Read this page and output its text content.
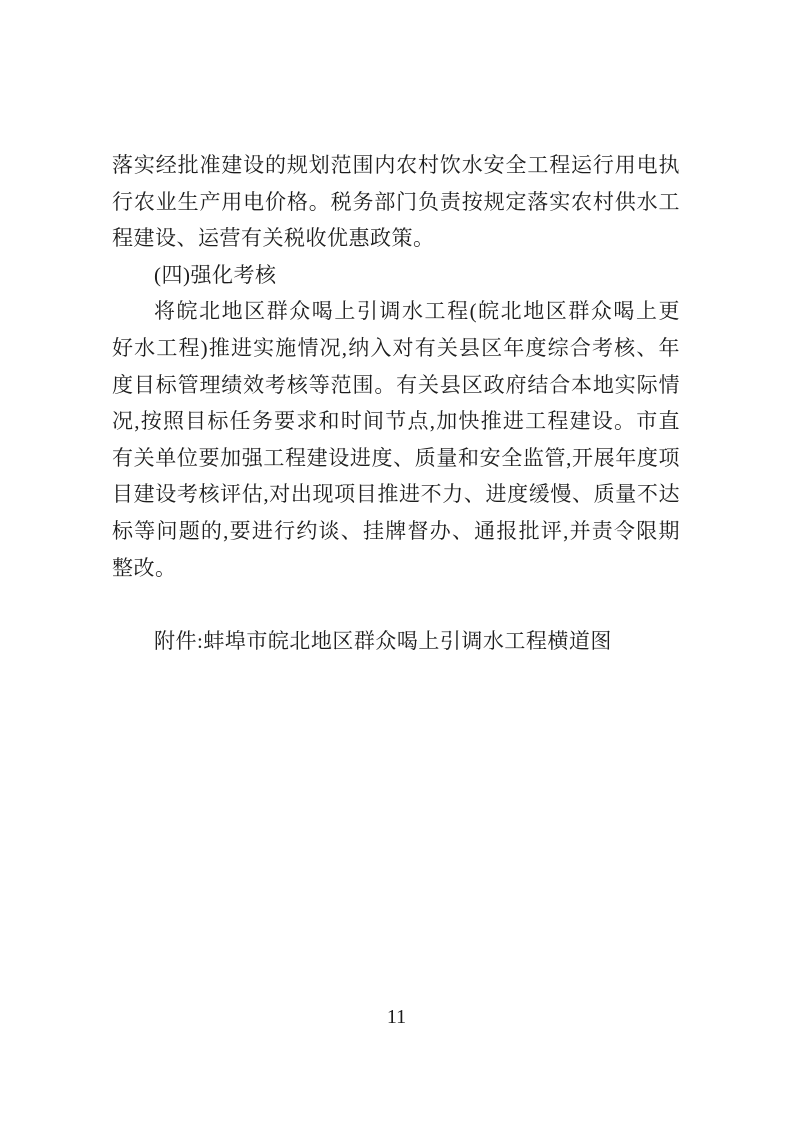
落实经批准建设的规划范围内农村饮水安全工程运行用电执
行农业生产用电价格。税务部门负责按规定落实农村供水工
程建设、运营有关税收优惠政策。
(四)强化考核
将皖北地区群众喝上引调水工程(皖北地区群众喝上更
好水工程)推进实施情况,纳入对有关县区年度综合考核、年
度目标管理绩效考核等范围。有关县区政府结合本地实际情
况,按照目标任务要求和时间节点,加快推进工程建设。市直
有关单位要加强工程建设进度、质量和安全监管,开展年度项
目建设考核评估,对出现项目推进不力、进度缓慢、质量不达
标等问题的,要进行约谈、挂牌督办、通报批评,并责令限期
整改。
附件:蚌埠市皖北地区群众喝上引调水工程横道图
11
